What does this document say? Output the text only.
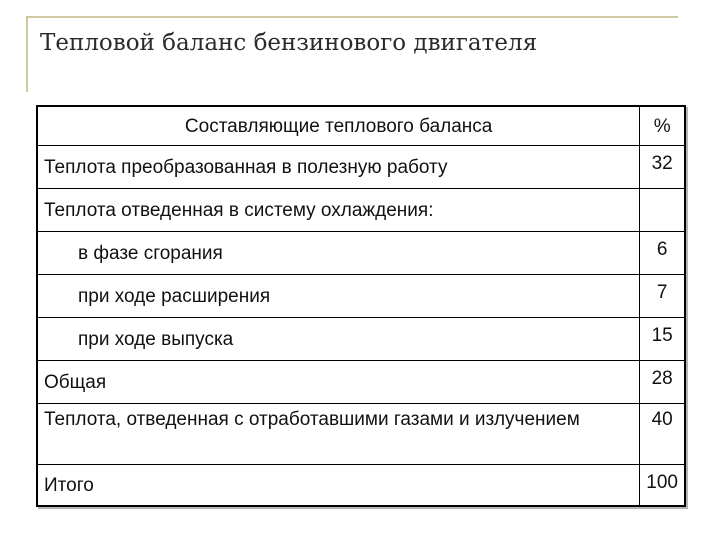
Тепловой баланс бензинового двигателя
Составляющие теплового баланса	%
Теплота преобразованная в полезную работу	32
Теплота отведенная в систему охлаждения:	
в фазе сгорания	6
при ходе расширения	7
при ходе выпуска	15
Общая	28
Теплота, отведенная с отработавшими газами и излучением	40
Итого	100
